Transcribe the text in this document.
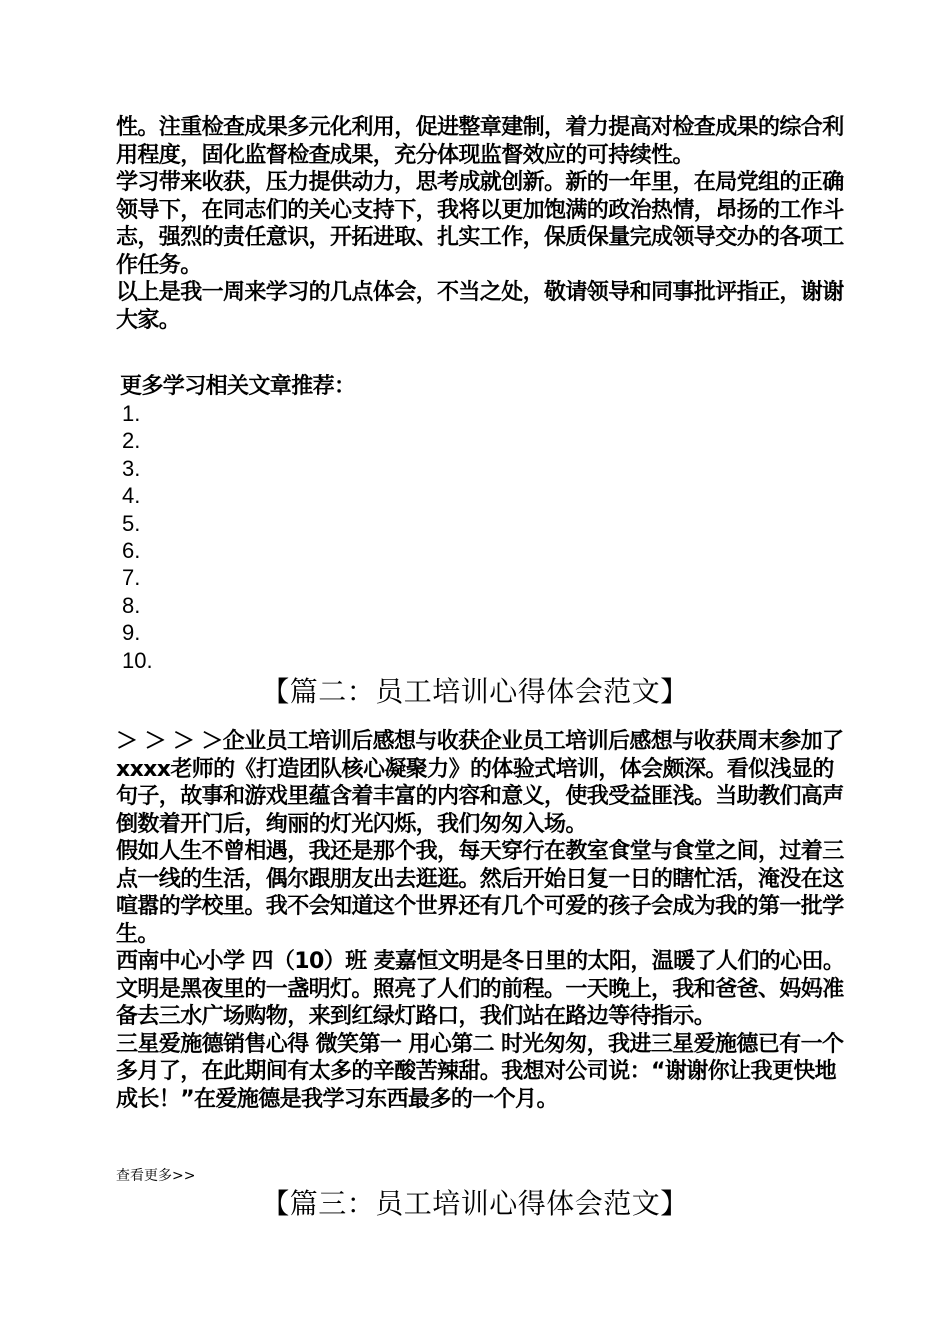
性。注重检查成果多元化利用，促进整章建制，着力提高对检查成果的综合利用程度，固化监督检查成果，充分体现监督效应的可持续性。

学习带来收获，压力提供动力，思考成就创新。新的一年里，在局党组的正确领导下，在同志们的关心支持下，我将以更加饱满的政治热情，昂扬的工作斗志，强烈的责任意识，开拓进取、扎实工作，保质保量完成领导交办的各项工作任务。

以上是我一周来学习的几点体会，不当之处，敬请领导和同事批评指正，谢谢大家。

更多学习相关文章推荐：
1.
2.
3.
4.
5.
6.
7.
8.
9.
10.
【篇二：员工培训心得体会范文】

＞ ＞ ＞ ＞企业员工培训后感想与收获企业员工培训后感想与收获周末参加了xxxx老师的《打造团队核心凝聚力》的体验式培训，体会颇深。看似浅显的句子，故事和游戏里蕴含着丰富的内容和意义，使我受益匪浅。当助教们高声倒数着开门后，绚丽的灯光闪烁，我们匆匆入场。

假如人生不曾相遇，我还是那个我，每天穿行在教室食堂与食堂之间，过着三点一线的生活，偶尔跟朋友出去逛逛。然后开始日复一日的瞎忙活，淹没在这喧嚣的学校里。我不会知道这个世界还有几个可爱的孩子会成为我的第一批学生。

西南中心小学 四（10）班 麦嘉恒文明是冬日里的太阳，温暖了人们的心田。文明是黑夜里的一盏明灯。照亮了人们的前程。一天晚上，我和爸爸、妈妈准备去三水广场购物，来到红绿灯路口，我们站在路边等待指示。

三星爱施德销售心得 微笑第一 用心第二 时光匆匆，我进三星爱施德已有一个多月了，在此期间有太多的辛酸苦辣甜。我想对公司说：“谢谢你让我更快地成长！”在爱施德是我学习东西最多的一个月。

查看更多>>
【篇三：员工培训心得体会范文】
